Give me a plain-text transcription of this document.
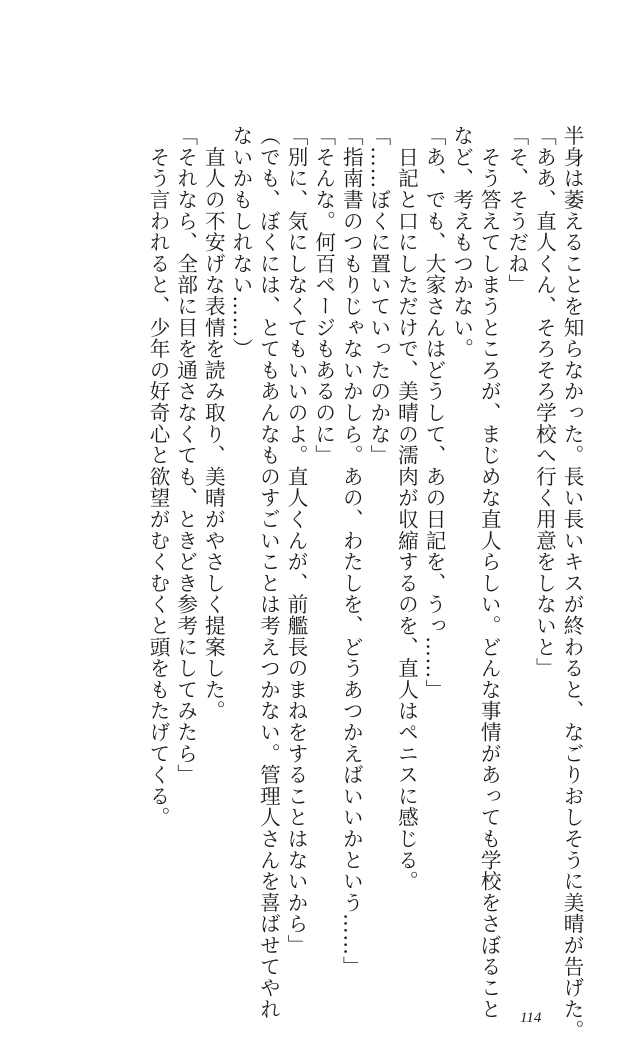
半身は萎えることを知らなかった。長い長いキスが終わると、なごりおしそうに美晴が告げた。
「ああ、直人くん、そろそろ学校へ行く用意をしないと」
「そ、そうだね」
　そう答えてしまうところが、まじめな直人らしい。どんな事情があっても学校をさぼること
など、考えもつかない。
「あ、でも、大家さんはどうして、あの日記を、うっ……」
　日記と口にしただけで、美晴の濡肉が収縮するのを、直人はペニスに感じる。
「……ぼくに置いていったのかな」
「指南書のつもりじゃないかしら。あの、わたしを、どうあつかえばいいかという……」
「そんな。何百ページもあるのに」
「別に、気にしなくてもいいのよ。直人くんが、前艦長のまねをすることはないから」
（でも、ぼくには、とてもあんなものすごいことは考えつかない。管理人さんを喜ばせてやれ
ないかもしれない……）
　直人の不安げな表情を読み取り、美晴がやさしく提案した。
「それなら、全部に目を通さなくても、ときどき参考にしてみたら」
　そう言われると、少年の好奇心と欲望がむくむくと頭をもたげてくる。
114
